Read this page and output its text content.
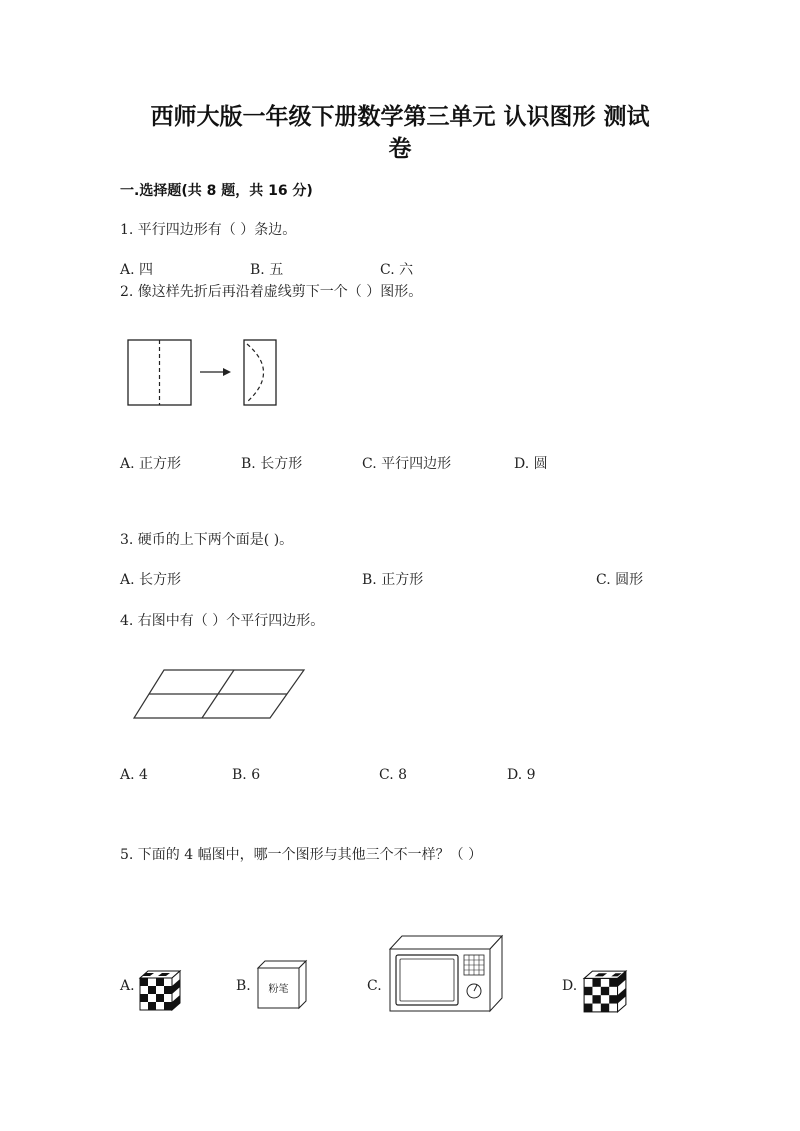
西师大版一年级下册数学第三单元 认识图形 测试
卷
一.选择题(共 8 题，共 16 分)
1. 平行四边形有（ ）条边。
A. 四	B. 五	C. 六
2. 像这样先折后再沿着虚线剪下一个（ ）图形。
A. 正方形	B. 长方形	C. 平行四边形	D. 圆
3. 硬币的上下两个面是( )。
A. 长方形	B. 正方形	C. 圆形
4. 右图中有（ ）个平行四边形。
A. 4	B. 6	C. 8	D. 9
5. 下面的 4 幅图中，哪一个图形与其他三个不一样？（ ）
A.	B.	粉笔	C.	D.
